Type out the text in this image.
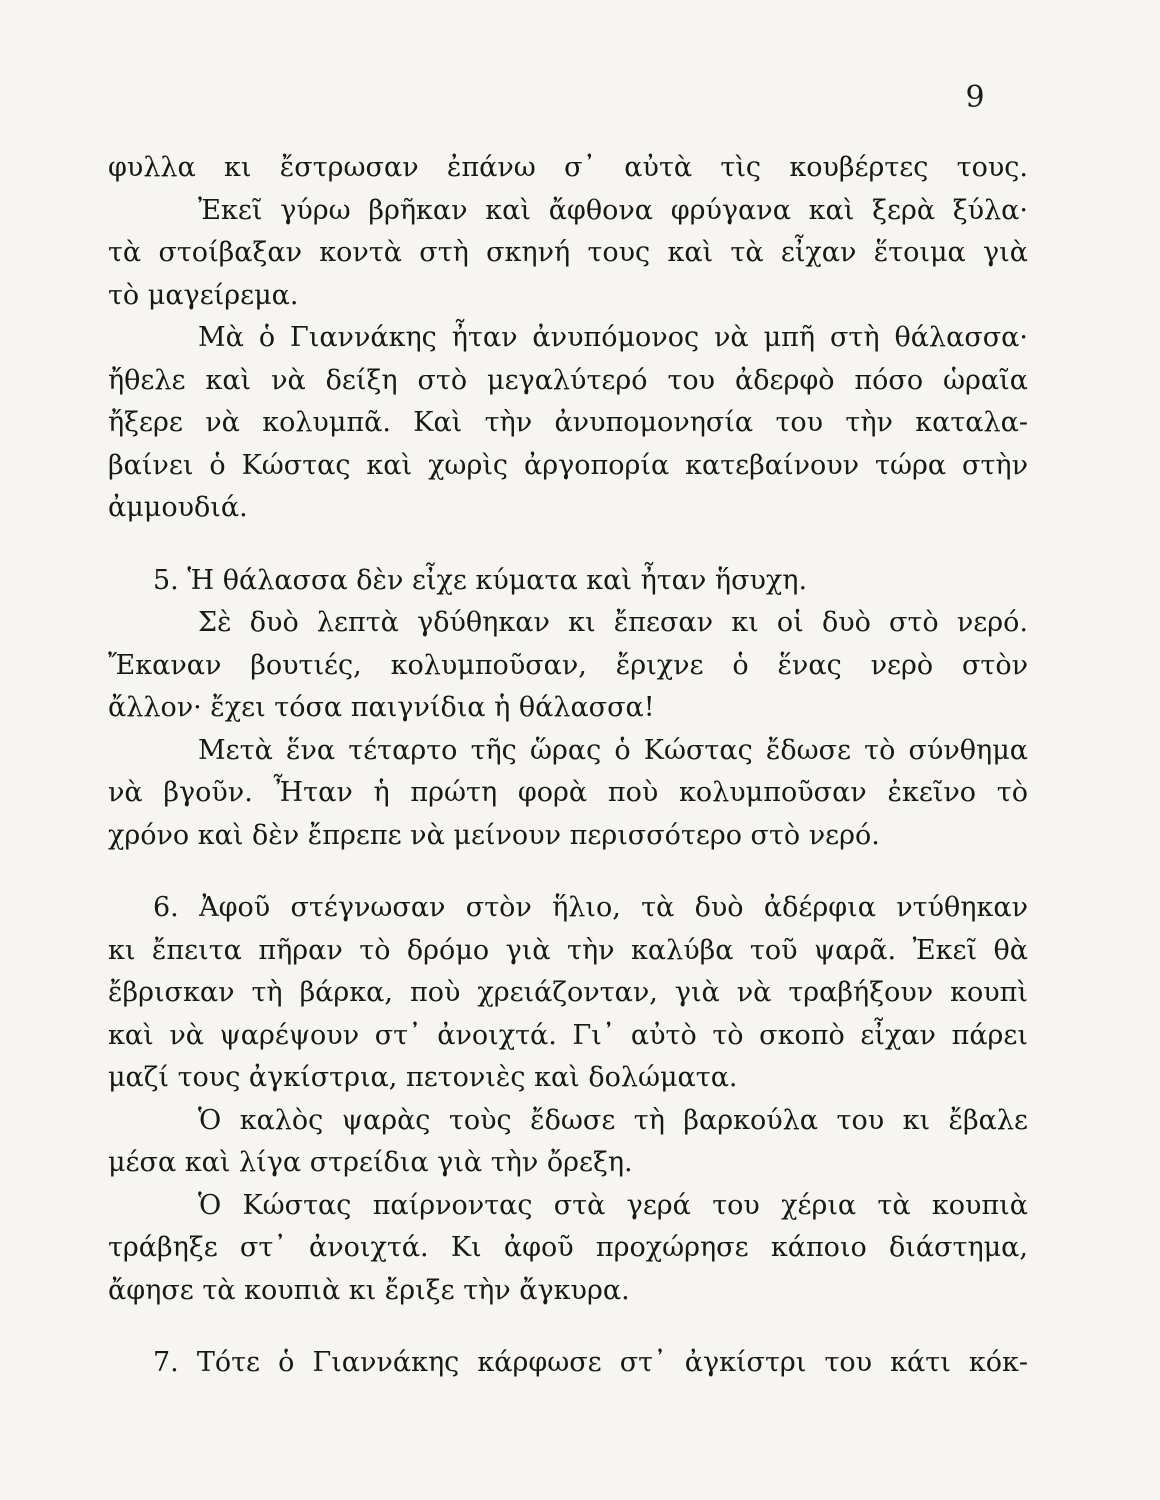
9
φυλλα κι ἔστρωσαν ἐπάνω σ᾽ αὐτὰ τὶς κουβέρτες τους.
Ἐκεῖ γύρω βρῆκαν καὶ ἄφθονα φρύγανα καὶ ξερὰ ξύλα·
τὰ στοίβαξαν κοντὰ στὴ σκηνή τους καὶ τὰ εἶχαν ἕτοιμα γιὰ
τὸ μαγείρεμα.
Μὰ ὁ Γιαννάκης ἦταν ἀνυπόμονος νὰ μπῆ στὴ θάλασσα·
ἤθελε καὶ νὰ δείξη στὸ μεγαλύτερό του ἀδερφὸ πόσο ὡραῖα
ἤξερε νὰ κολυμπᾶ. Καὶ τὴν ἀνυπομονησία του τὴν καταλα-
βαίνει ὁ Κώστας καὶ χωρὶς ἀργοπορία κατεβαίνουν τώρα στὴν
ἀμμουδιά.
5. Ἡ θάλασσα δὲν εἶχε κύματα καὶ ἦταν ἥσυχη.
Σὲ δυὸ λεπτὰ γδύθηκαν κι ἔπεσαν κι οἱ δυὸ στὸ νερό.
Ἔκαναν βουτιές, κολυμποῦσαν, ἔριχνε ὁ ἕνας νερὸ στὸν
ἄλλον· ἔχει τόσα παιγνίδια ἡ θάλασσα!
Μετὰ ἕνα τέταρτο τῆς ὥρας ὁ Κώστας ἔδωσε τὸ σύνθημα
νὰ βγοῦν. Ἦταν ἡ πρώτη φορὰ ποὺ κολυμποῦσαν ἐκεῖνο τὸ
χρόνο καὶ δὲν ἔπρεπε νὰ μείνουν περισσότερο στὸ νερό.
6. Ἀφοῦ στέγνωσαν στὸν ἥλιο, τὰ δυὸ ἀδέρφια ντύθηκαν
κι ἔπειτα πῆραν τὸ δρόμο γιὰ τὴν καλύβα τοῦ ψαρᾶ. Ἐκεῖ θὰ
ἔβρισκαν τὴ βάρκα, ποὺ χρειάζονταν, γιὰ νὰ τραβήξουν κουπὶ
καὶ νὰ ψαρέψουν στ᾽ ἀνοιχτά. Γι᾽ αὐτὸ τὸ σκοπὸ εἶχαν πάρει
μαζί τους ἀγκίστρια, πετονιὲς καὶ δολώματα.
Ὁ καλὸς ψαρὰς τοὺς ἔδωσε τὴ βαρκούλα του κι ἔβαλε
μέσα καὶ λίγα στρείδια γιὰ τὴν ὄρεξη.
Ὁ Κώστας παίρνοντας στὰ γερά του χέρια τὰ κουπιὰ
τράβηξε στ᾽ ἀνοιχτά. Κι ἀφοῦ προχώρησε κάποιο διάστημα,
ἄφησε τὰ κουπιὰ κι ἔριξε τὴν ἄγκυρα.
7. Τότε ὁ Γιαννάκης κάρφωσε στ᾽ ἀγκίστρι του κάτι κόκ-
